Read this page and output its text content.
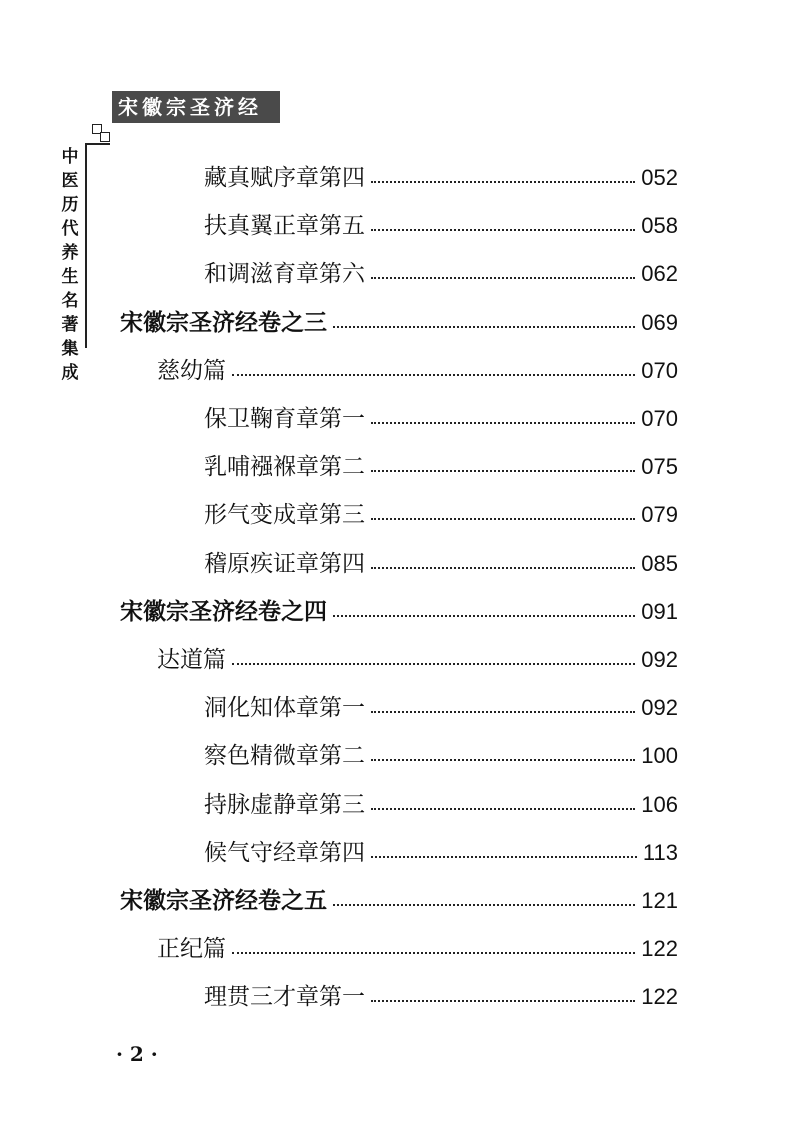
宋徽宗圣济经
中医历代养生名著集成
藏真赋序章第四	052
扶真翼正章第五	058
和调滋育章第六	062
宋徽宗圣济经卷之三	069
慈幼篇	070
保卫鞠育章第一	070
乳哺襁褓章第二	075
形气变成章第三	079
稽原疾证章第四	085
宋徽宗圣济经卷之四	091
达道篇	092
洞化知体章第一	092
察色精微章第二	100
持脉虚静章第三	106
候气守经章第四	113
宋徽宗圣济经卷之五	121
正纪篇	122
理贯三才章第一	122
· 2 ·
